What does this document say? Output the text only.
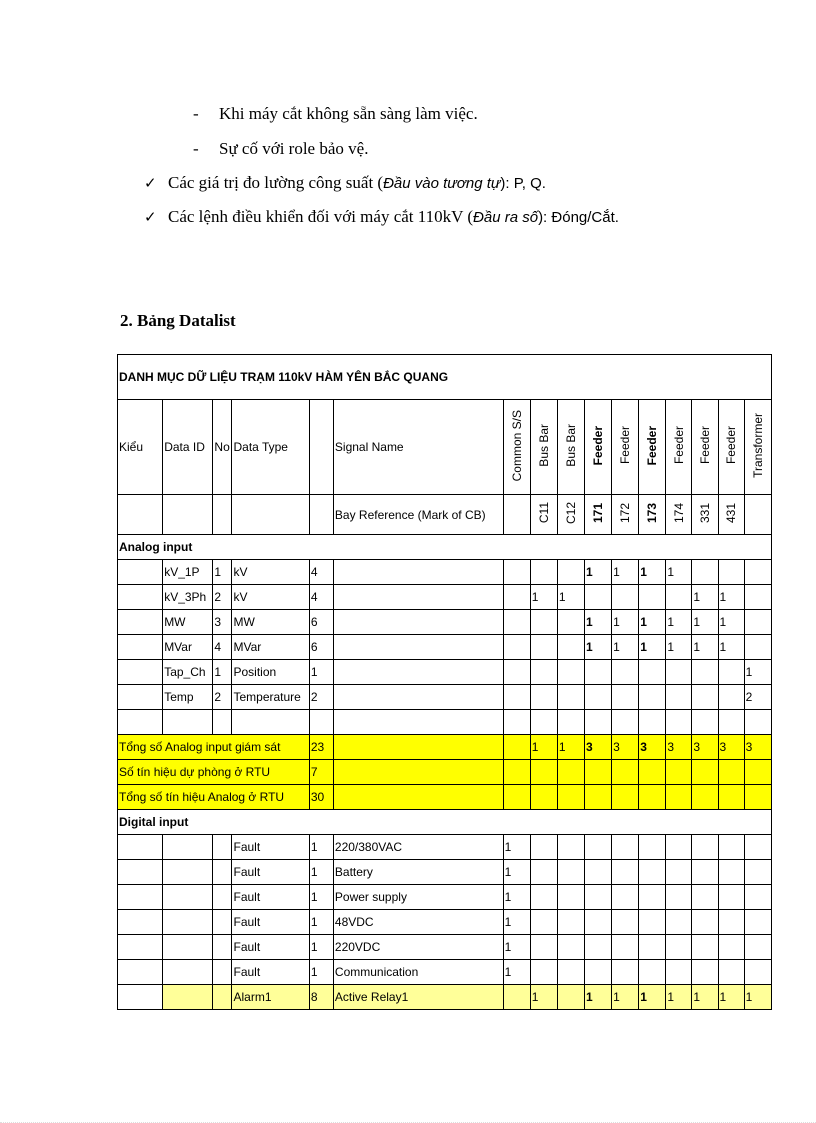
- Khi máy cắt không sẵn sàng làm việc.
- Sự cố với role bảo vệ.
✓ Các giá trị đo lường công suất (Đầu vào tương tự): P, Q.
✓ Các lệnh điều khiển đối với máy cắt 110kV (Đầu ra số): Đóng/Cắt.
2. Bảng Datalist
DANH MỤC DỮ LIỆU TRẠM 110kV HÀM YÊN BẮC QUANG															
Kiểu	Data ID	No	Data Type		Signal Name	Common S/S	Bus Bar	Bus Bar	Feeder	Feeder	Feeder	Feeder	Feeder	Feeder	Transformer
					Bay Reference (Mark of CB)		C11	C12	171	172	173	174	331	431	
Analog input															
	kV_1P	1	kV	4					1	1	1	1			
	kV_3Ph	2	kV	4			1	1					1	1	
	MW	3	MW	6					1	1	1	1	1	1	
	MVar	4	MVar	6					1	1	1	1	1	1	
	Tap_Ch	1	Position	1											1
	Temp	2	Temperature	2											2

Tổng số Analog input giám sát				23			1	1	3	3	3	3	3	3	3
Số tín hiệu dự phòng ở RTU				7											
Tổng số tín hiệu Analog ở RTU				30											
Digital input															
			Fault	1	220/380VAC	1									
			Fault	1	Battery	1									
			Fault	1	Power supply	1									
			Fault	1	48VDC	1									
			Fault	1	220VDC	1									
			Fault	1	Communication	1									
			Alarm1	8	Active Relay1		1		1	1	1	1	1	1	1
